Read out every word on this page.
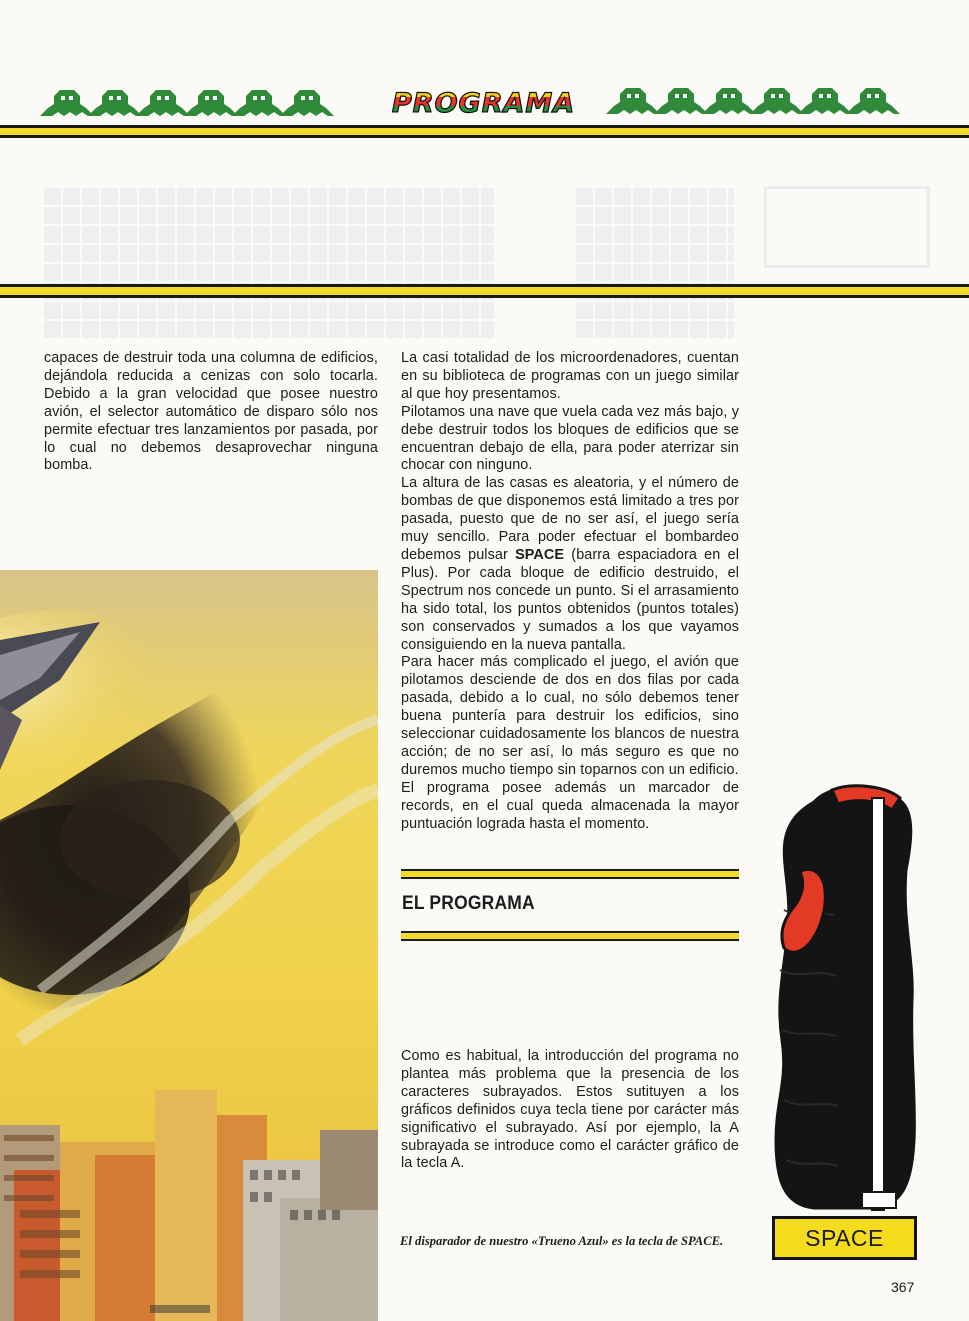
PROGRAMA

capaces de destruir toda una columna de edificios, dejándola reducida a cenizas con solo tocarla. Debido a la gran velocidad que posee nuestro avión, el selector automático de disparo sólo nos permite efectuar tres lanzamientos por pasada, por lo cual no debemos desaprovechar ninguna bomba.

La casi totalidad de los microordenadores, cuentan en su biblioteca de programas con un juego similar al que hoy presentamos.

Pilotamos una nave que vuela cada vez más bajo, y debe destruir todos los bloques de edificios que se encuentran debajo de ella, para poder aterrizar sin chocar con ninguno.

La altura de las casas es aleatoria, y el número de bombas de que disponemos está limitado a tres por pasada, puesto que de no ser así, el juego sería muy sencillo. Para poder efectuar el bombardeo debemos pulsar SPACE (barra espaciadora en el Plus). Por cada bloque de edificio destruido, el Spectrum nos concede un punto. Si el arrasamiento ha sido total, los puntos obtenidos (puntos totales) son conservados y sumados a los que vayamos consiguiendo en la nueva pantalla.

Para hacer más complicado el juego, el avión que pilotamos desciende de dos en dos filas por cada pasada, debido a lo cual, no sólo debemos tener buena puntería para destruir los edificios, sino seleccionar cuidadosamente los blancos de nuestra acción; de no ser así, lo más seguro es que no duremos mucho tiempo sin toparnos con un edificio.

El programa posee además un marcador de records, en el cual queda almacenada la mayor puntuación lograda hasta el momento.

EL PROGRAMA

Como es habitual, la introducción del programa no plantea más problema que la presencia de los caracteres subrayados. Estos sutituyen a los gráficos definidos cuya tecla tiene por carácter más significativo el subrayado. Así por ejemplo, la A subrayada se introduce como el carácter gráfico de la tecla A.

SPACE
El disparador de nuestro «Trueno Azul» es la tecla de SPACE.
367
